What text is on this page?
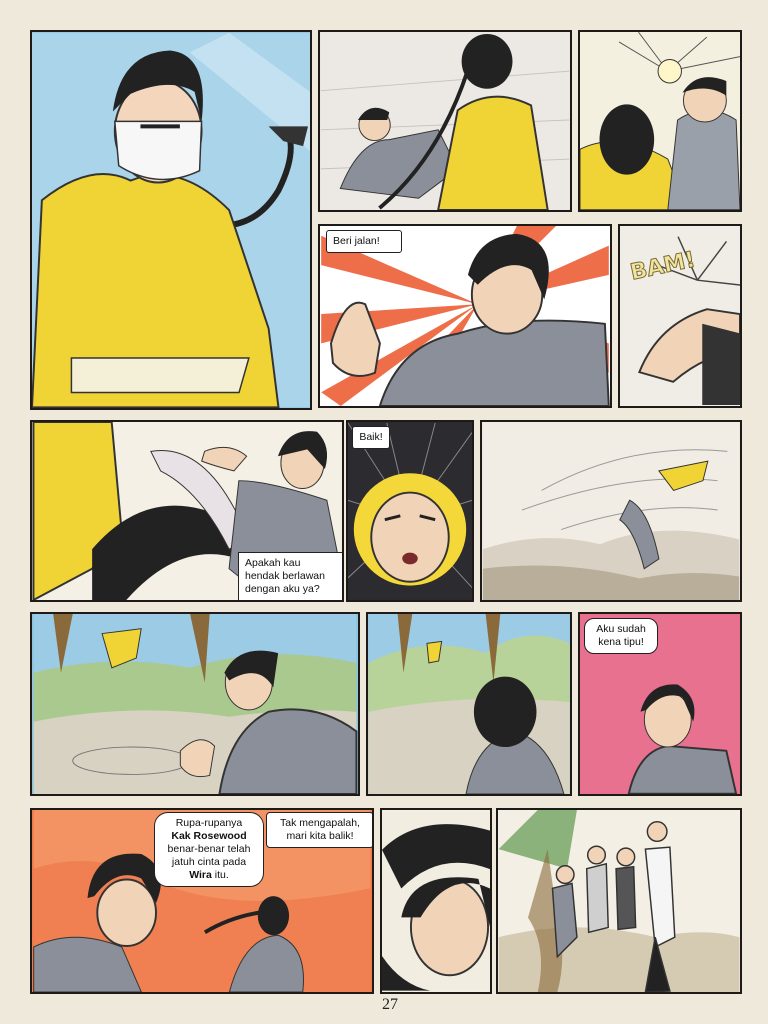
Beri jalan!
BAM!
Apakah kau hendak berlawan dengan aku ya?
Baik!
Aku sudah kena tipu!
Rupa-rupanya
Kak Rosewood
benar-benar telah jatuh cinta pada
Wira itu.
Tak mengapalah, mari kita balik!
27
